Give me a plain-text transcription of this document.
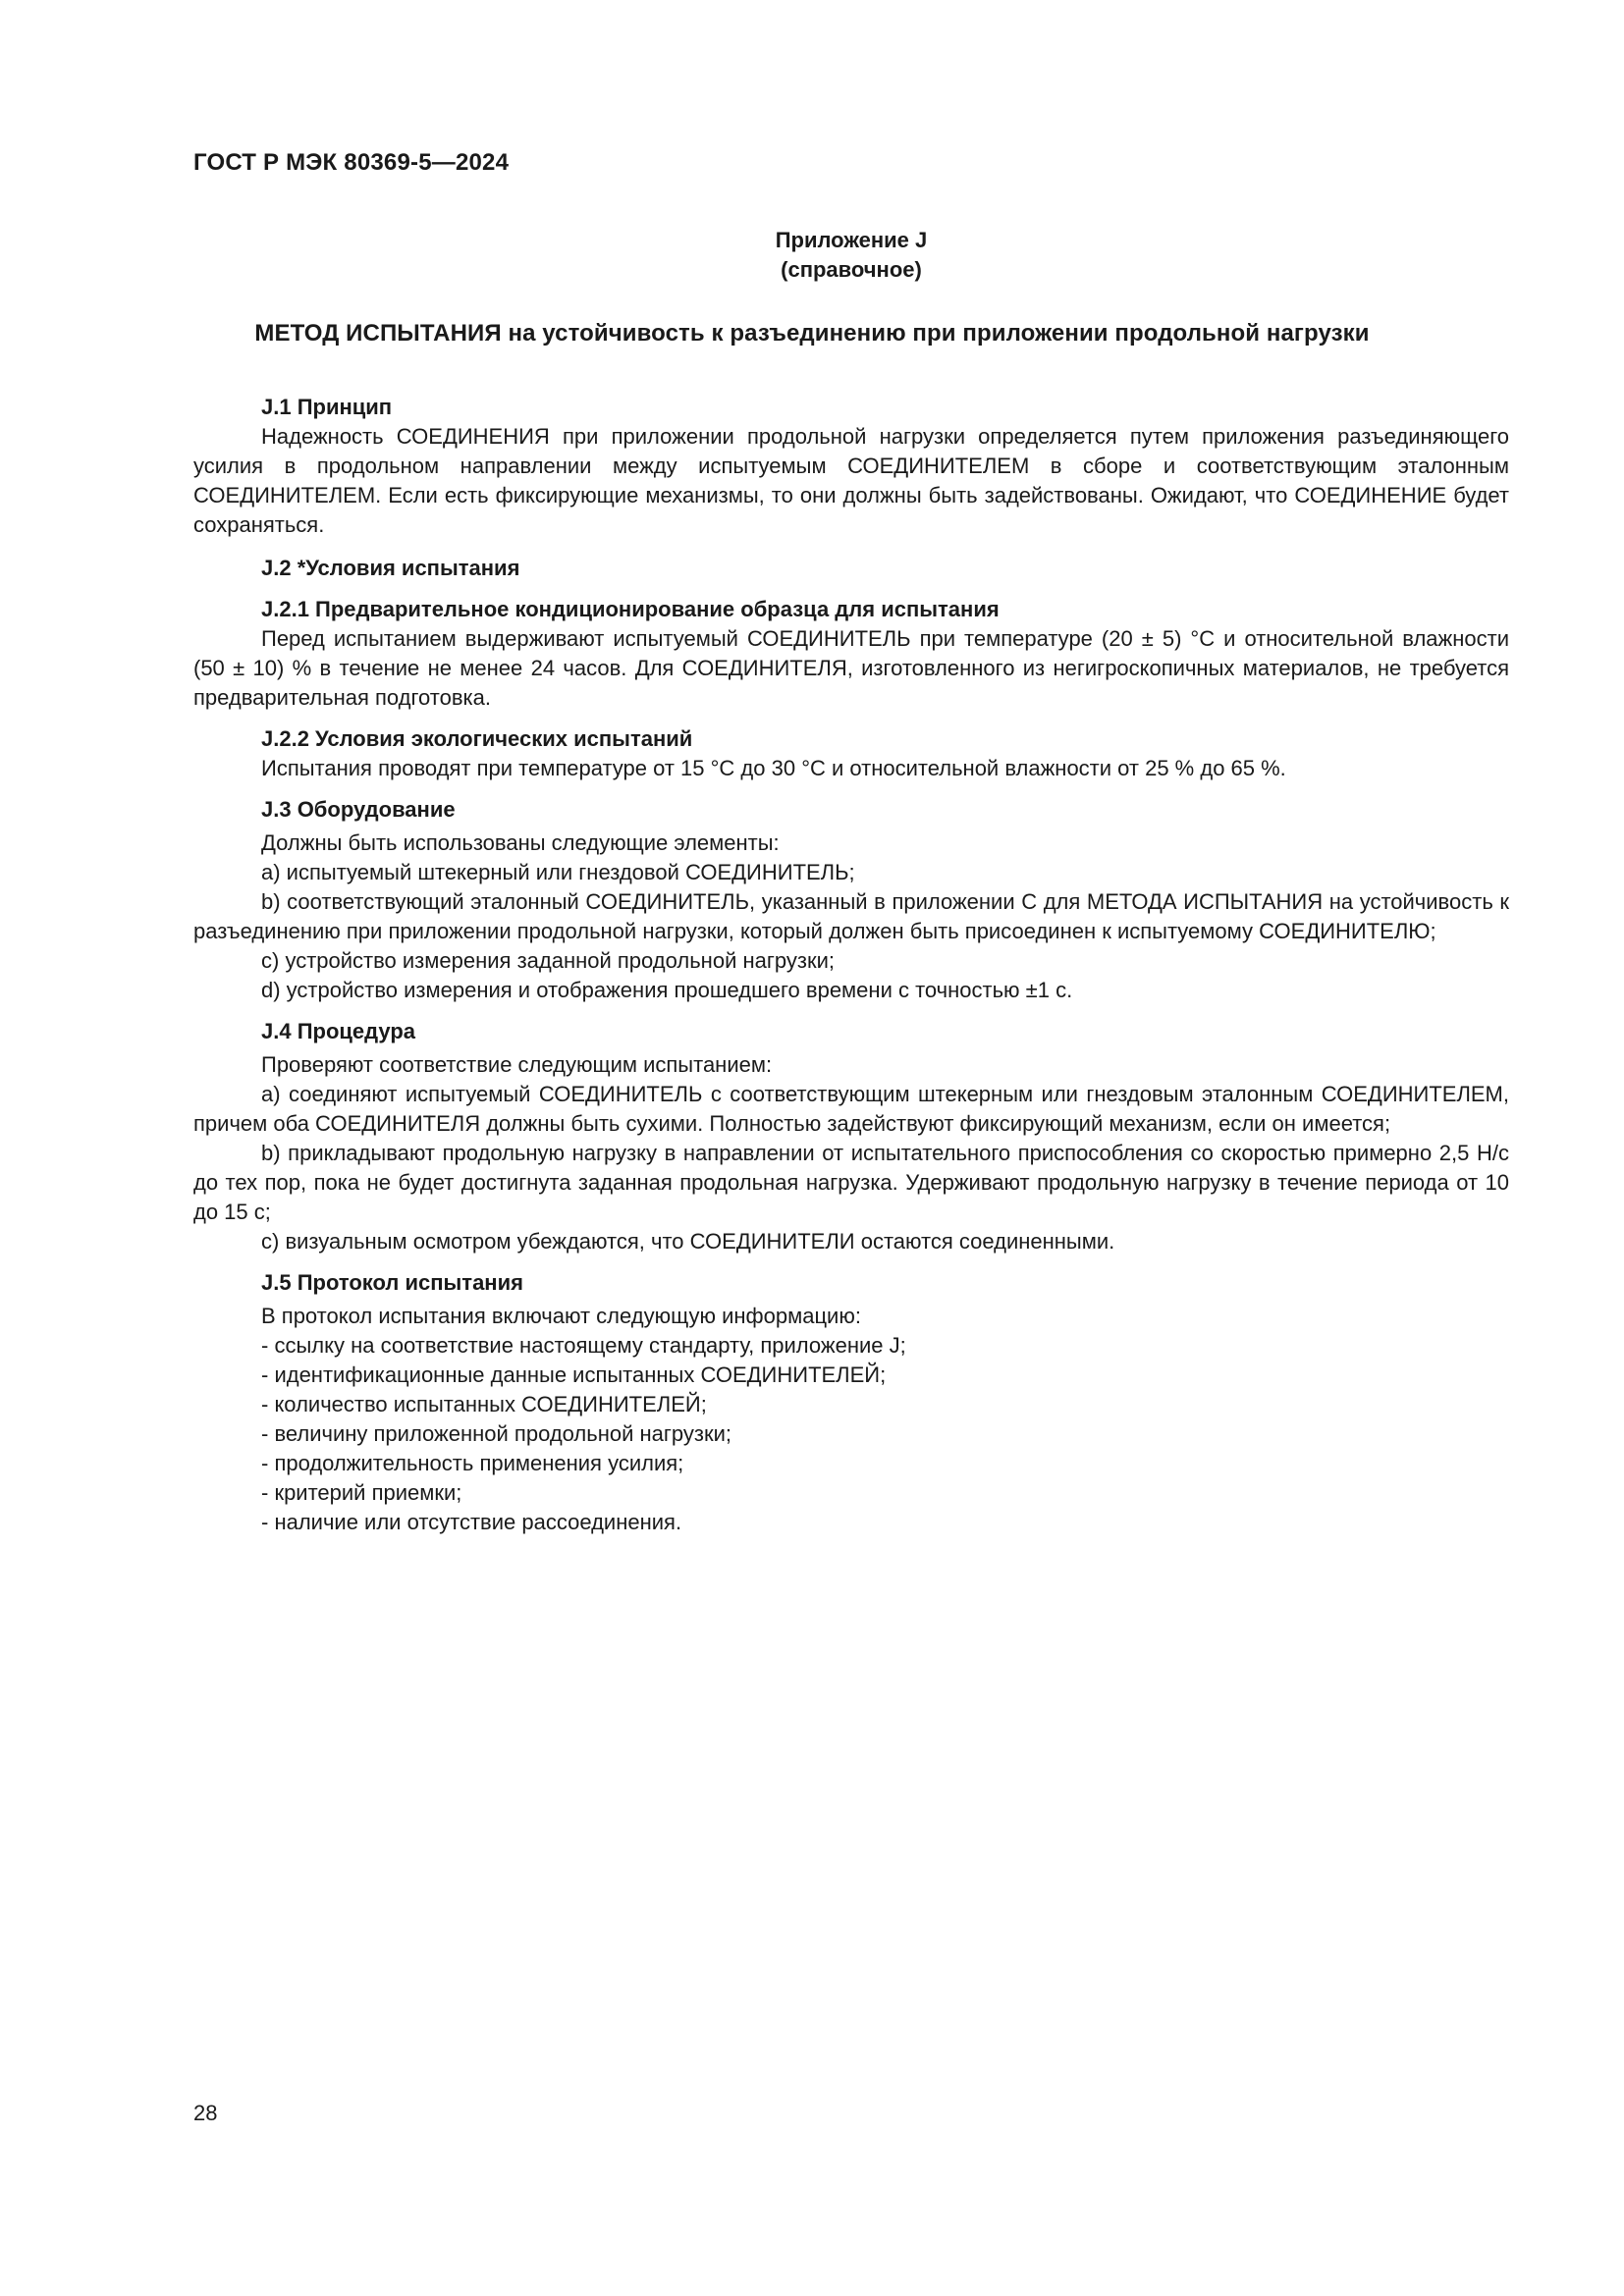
ГОСТ Р МЭК 80369-5—2024
Приложение J
(справочное)
МЕТОД ИСПЫТАНИЯ на устойчивость к разъединению при приложении продольной нагрузки

J.1 Принцип

Надежность СОЕДИНЕНИЯ при приложении продольной нагрузки определяется путем приложения разъединяющего усилия в продольном направлении между испытуемым СОЕДИНИТЕЛЕМ в сборе и соответствующим эталонным СОЕДИНИТЕЛЕМ. Если есть фиксирующие механизмы, то они должны быть задействованы. Ожидают, что СОЕДИНЕНИЕ будет сохраняться.

J.2 *Условия испытания

J.2.1 Предварительное кондиционирование образца для испытания

Перед испытанием выдерживают испытуемый СОЕДИНИТЕЛЬ при температуре (20 ± 5) °С и относительной влажности (50 ± 10) % в течение не менее 24 часов. Для СОЕДИНИТЕЛЯ, изготовленного из негигроскопичных материалов, не требуется предварительная подготовка.

J.2.2 Условия экологических испытаний

Испытания проводят при температуре от 15 °С до 30 °С и относительной влажности от 25 % до 65 %.

J.3 Оборудование

Должны быть использованы следующие элементы:

a) испытуемый штекерный или гнездовой СОЕДИНИТЕЛЬ;

b) соответствующий эталонный СОЕДИНИТЕЛЬ, указанный в приложении С для МЕТОДА ИСПЫТАНИЯ на устойчивость к разъединению при приложении продольной нагрузки, который должен быть присоединен к испытуемому СОЕДИНИТЕЛЮ;

c) устройство измерения заданной продольной нагрузки;

d) устройство измерения и отображения прошедшего времени с точностью ±1 с.

J.4 Процедура

Проверяют соответствие следующим испытанием:

a) соединяют испытуемый СОЕДИНИТЕЛЬ с соответствующим штекерным или гнездовым эталонным СОЕДИНИТЕЛЕМ, причем оба СОЕДИНИТЕЛЯ должны быть сухими. Полностью задействуют фиксирующий механизм, если он имеется;

b) прикладывают продольную нагрузку в направлении от испытательного приспособления со скоростью примерно 2,5 Н/с до тех пор, пока не будет достигнута заданная продольная нагрузка. Удерживают продольную нагрузку в течение периода от 10 до 15 с;

c) визуальным осмотром убеждаются, что СОЕДИНИТЕЛИ остаются соединенными.

J.5 Протокол испытания

В протокол испытания включают следующую информацию:

- ссылку на соответствие настоящему стандарту, приложение J;

- идентификационные данные испытанных СОЕДИНИТЕЛЕЙ;

- количество испытанных СОЕДИНИТЕЛЕЙ;

- величину приложенной продольной нагрузки;

- продолжительность применения усилия;

- критерий приемки;

- наличие или отсутствие рассоединения.

28
